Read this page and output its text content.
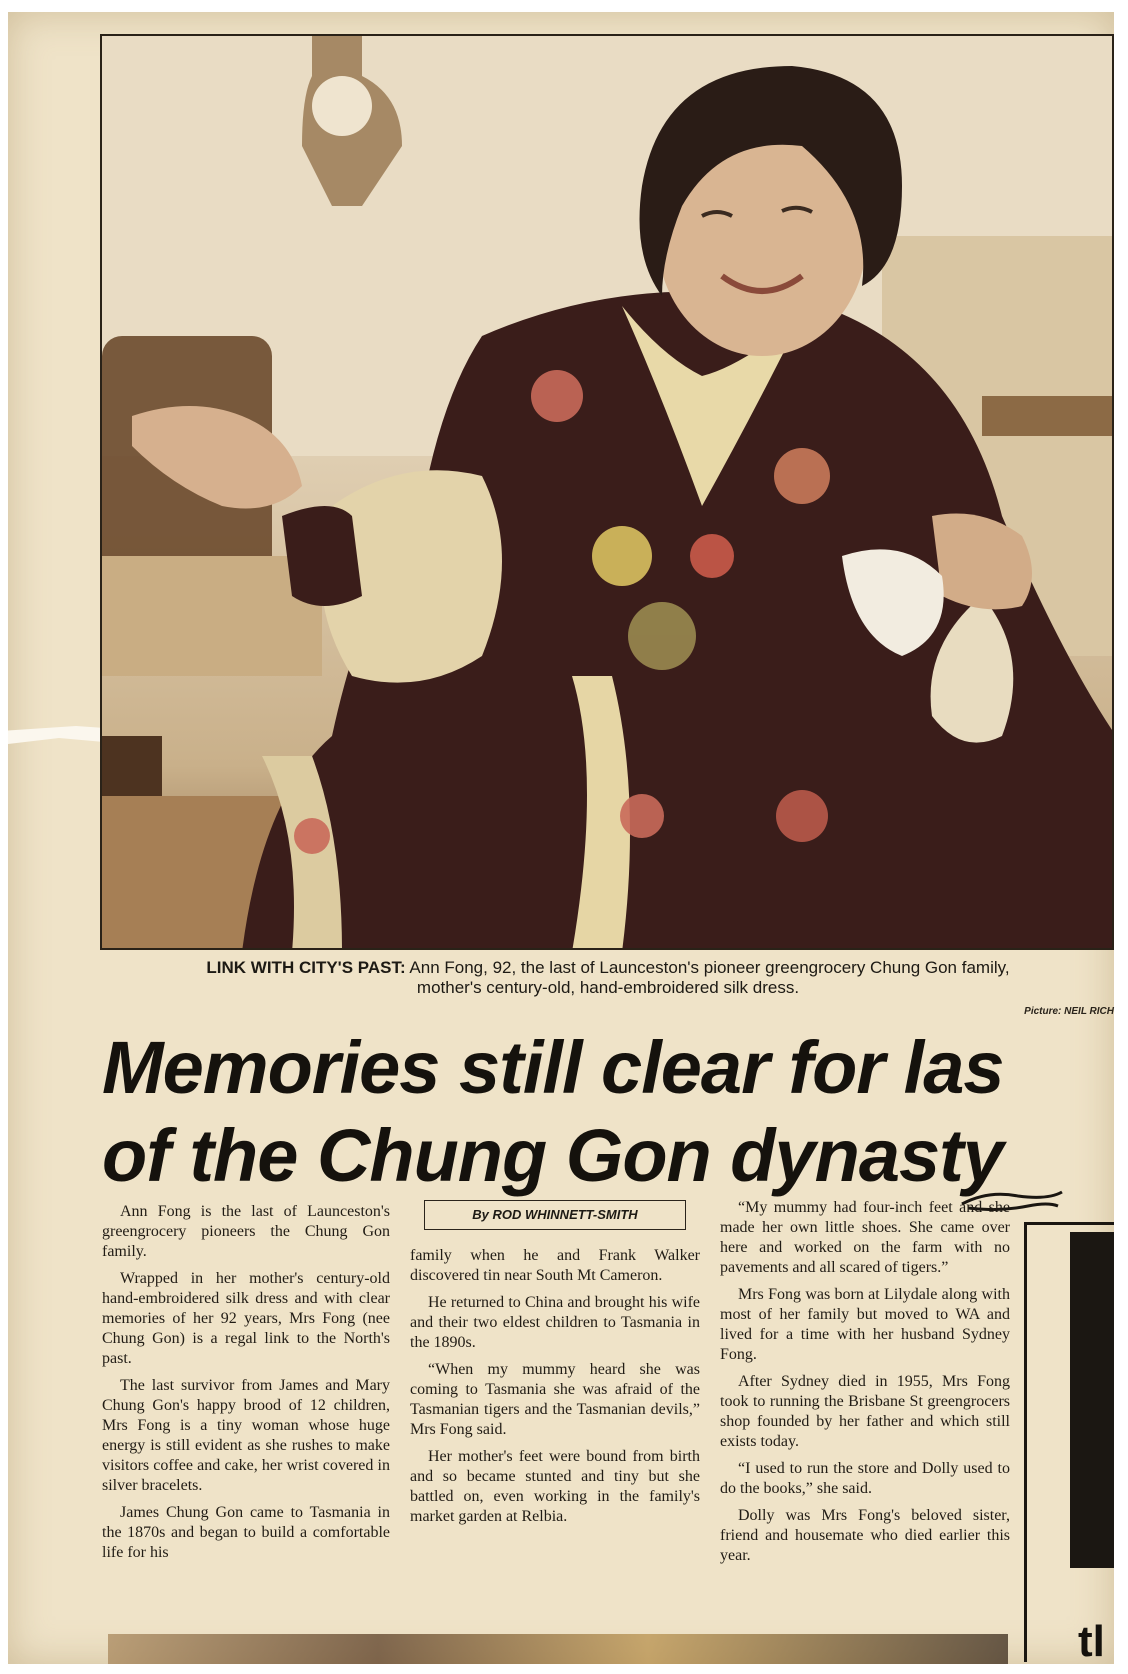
LINK WITH CITY'S PAST: Ann Fong, 92, the last of Launceston's pioneer greengrocery Chung Gon family,
mother's century-old, hand-embroidered silk dress.
Picture: NEIL RICH
Memories still clear for las
of the Chung Gon dynasty

Ann Fong is the last of Launceston's greengrocery pioneers the Chung Gon family.

Wrapped in her mother's century-old hand-embroidered silk dress and with clear memories of her 92 years, Mrs Fong (nee Chung Gon) is a regal link to the North's past.

The last survivor from James and Mary Chung Gon's happy brood of 12 children, Mrs Fong is a tiny woman whose huge energy is still evident as she rushes to make visitors coffee and cake, her wrist covered in silver bracelets.

James Chung Gon came to Tasmania in the 1870s and began to build a comfortable life for his

By ROD WHINNETT-SMITH

family when he and Frank Walker discovered tin near South Mt Cameron.

He returned to China and brought his wife and their two eldest children to Tasmania in the 1890s.

“When my mummy heard she was coming to Tasmania she was afraid of the Tasmanian tigers and the Tasmanian devils,” Mrs Fong said.

Her mother's feet were bound from birth and so became stunted and tiny but she battled on, even working in the family's market garden at Relbia.

“My mummy had four-inch feet and she made her own little shoes. She came over here and worked on the farm with no pavements and all scared of tigers.”

Mrs Fong was born at Lilydale along with most of her family but moved to WA and lived for a time with her husband Sydney Fong.

After Sydney died in 1955, Mrs Fong took to running the Brisbane St greengrocers shop founded by her father and which still exists today.

“I used to run the store and Dolly used to do the books,” she said.

Dolly was Mrs Fong's beloved sister, friend and housemate who died earlier this year.

tl
